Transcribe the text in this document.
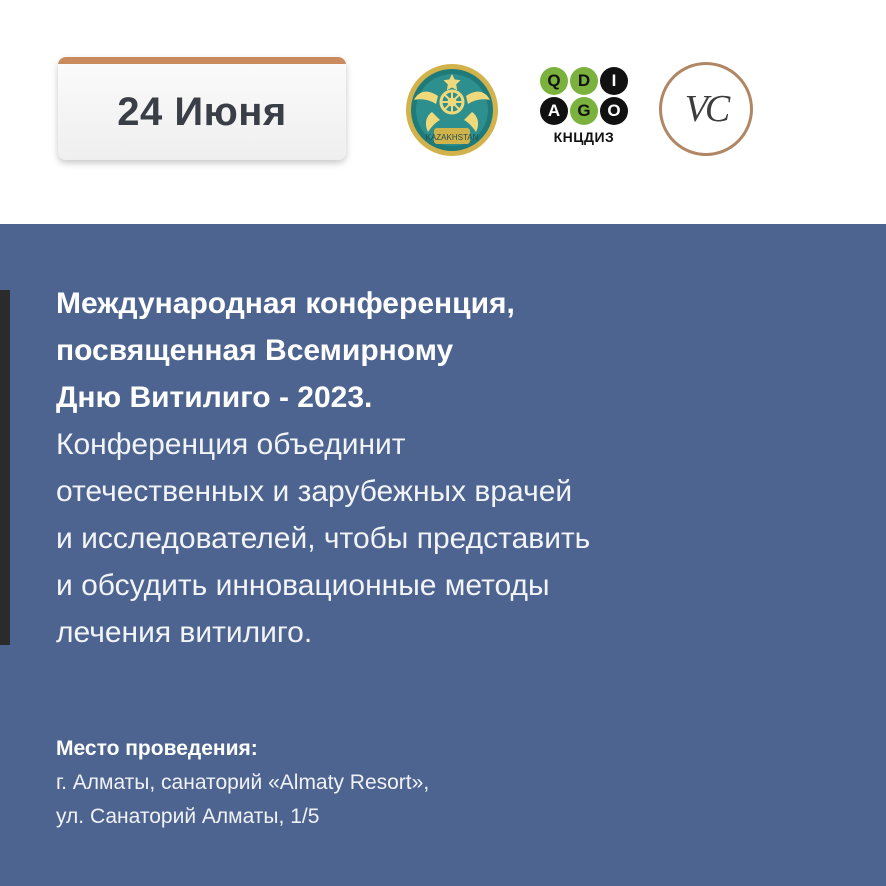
24 Июня
KAZAKHSTAN
Q	D	I
A	G O
КНЦДИЗ
VC

Международная конференция,

посвященная Всемирному

Дню Витилиго - 2023.

Конференция объединит

отечественных и зарубежных врачей

и исследователей, чтобы представить

и обсудить инновационные методы

лечения витилиго.

Место проведения:

г. Алматы, санаторий «Almaty Resort»,

ул. Санаторий Алматы, 1/5
